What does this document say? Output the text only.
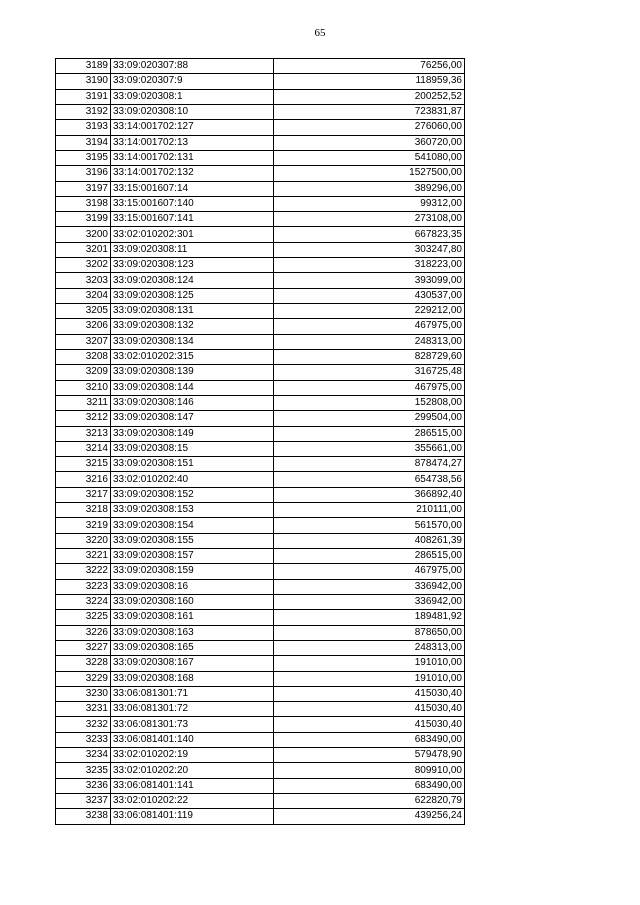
65
3189	33:09:020307:88	76256,00
3190	33:09:020307:9	118959,36
3191	33:09:020308:1	200252,52
3192	33:09:020308:10	723831,87
3193	33:14:001702:127	276060,00
3194	33:14:001702:13	360720,00
3195	33:14:001702:131	541080,00
3196	33:14:001702:132	1527500,00
3197	33:15:001607:14	389296,00
3198	33:15:001607:140	99312,00
3199	33:15:001607:141	273108,00
3200	33:02:010202:301	667823,35
3201	33:09:020308:11	303247,80
3202	33:09:020308:123	318223,00
3203	33:09:020308:124	393099,00
3204	33:09:020308:125	430537,00
3205	33:09:020308:131	229212,00
3206	33:09:020308:132	467975,00
3207	33:09:020308:134	248313,00
3208	33:02:010202:315	828729,60
3209	33:09:020308:139	316725,48
3210	33:09:020308:144	467975,00
3211	33:09:020308:146	152808,00
3212	33:09:020308:147	299504,00
3213	33:09:020308:149	286515,00
3214	33:09:020308:15	355661,00
3215	33:09:020308:151	878474,27
3216	33:02:010202:40	654738,56
3217	33:09:020308:152	366892,40
3218	33:09:020308:153	210111,00
3219	33:09:020308:154	561570,00
3220	33:09:020308:155	408261,39
3221	33:09:020308:157	286515,00
3222	33:09:020308:159	467975,00
3223	33:09:020308:16	336942,00
3224	33:09:020308:160	336942,00
3225	33:09:020308:161	189481,92
3226	33:09:020308:163	878650,00
3227	33:09:020308:165	248313,00
3228	33:09:020308:167	191010,00
3229	33:09:020308:168	191010,00
3230	33:06:081301:71	415030,40
3231	33:06:081301:72	415030,40
3232	33:06:081301:73	415030,40
3233	33:06:081401:140	683490,00
3234	33:02:010202:19	579478,90
3235	33:02:010202:20	809910,00
3236	33:06:081401:141	683490,00
3237	33:02:010202:22	622820,79
3238	33:06:081401:119	439256,24
